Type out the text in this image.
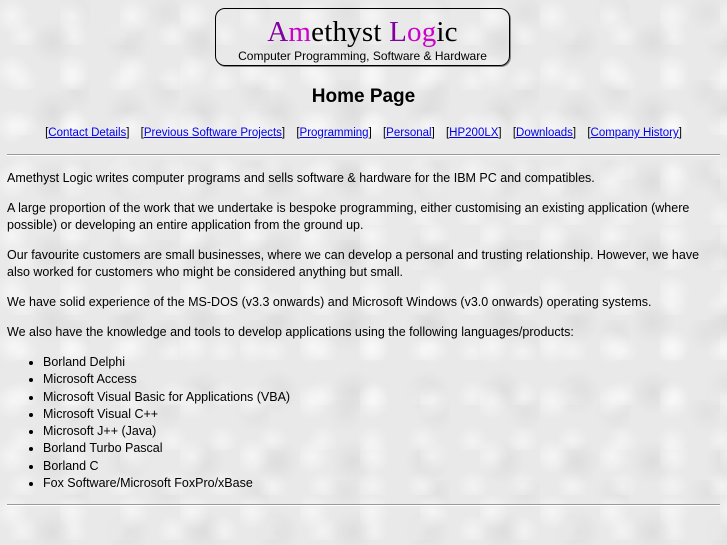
Amethyst Logic
Computer Programming, Software & Hardware
Home Page
[Contact Details] [Previous Software Projects] [Programming] [Personal] [HP200LX] [Downloads] [Company History]

Amethyst Logic writes computer programs and sells software & hardware for the IBM PC and compatibles.

A large proportion of the work that we undertake is bespoke programming, either customising an existing application (where possible) or developing an entire application from the ground up.

Our favourite customers are small businesses, where we can develop a personal and trusting relationship. However, we have also worked for customers who might be considered anything but small.

We have solid experience of the MS-DOS (v3.3 onwards) and Microsoft Windows (v3.0 onwards) operating systems.

We also have the knowledge and tools to develop applications using the following languages/products:

• Borland Delphi
• Microsoft Access
• Microsoft Visual Basic for Applications (VBA)
• Microsoft Visual C++
• Microsoft J++ (Java)
• Borland Turbo Pascal
• Borland C
• Fox Software/Microsoft FoxPro/xBase
